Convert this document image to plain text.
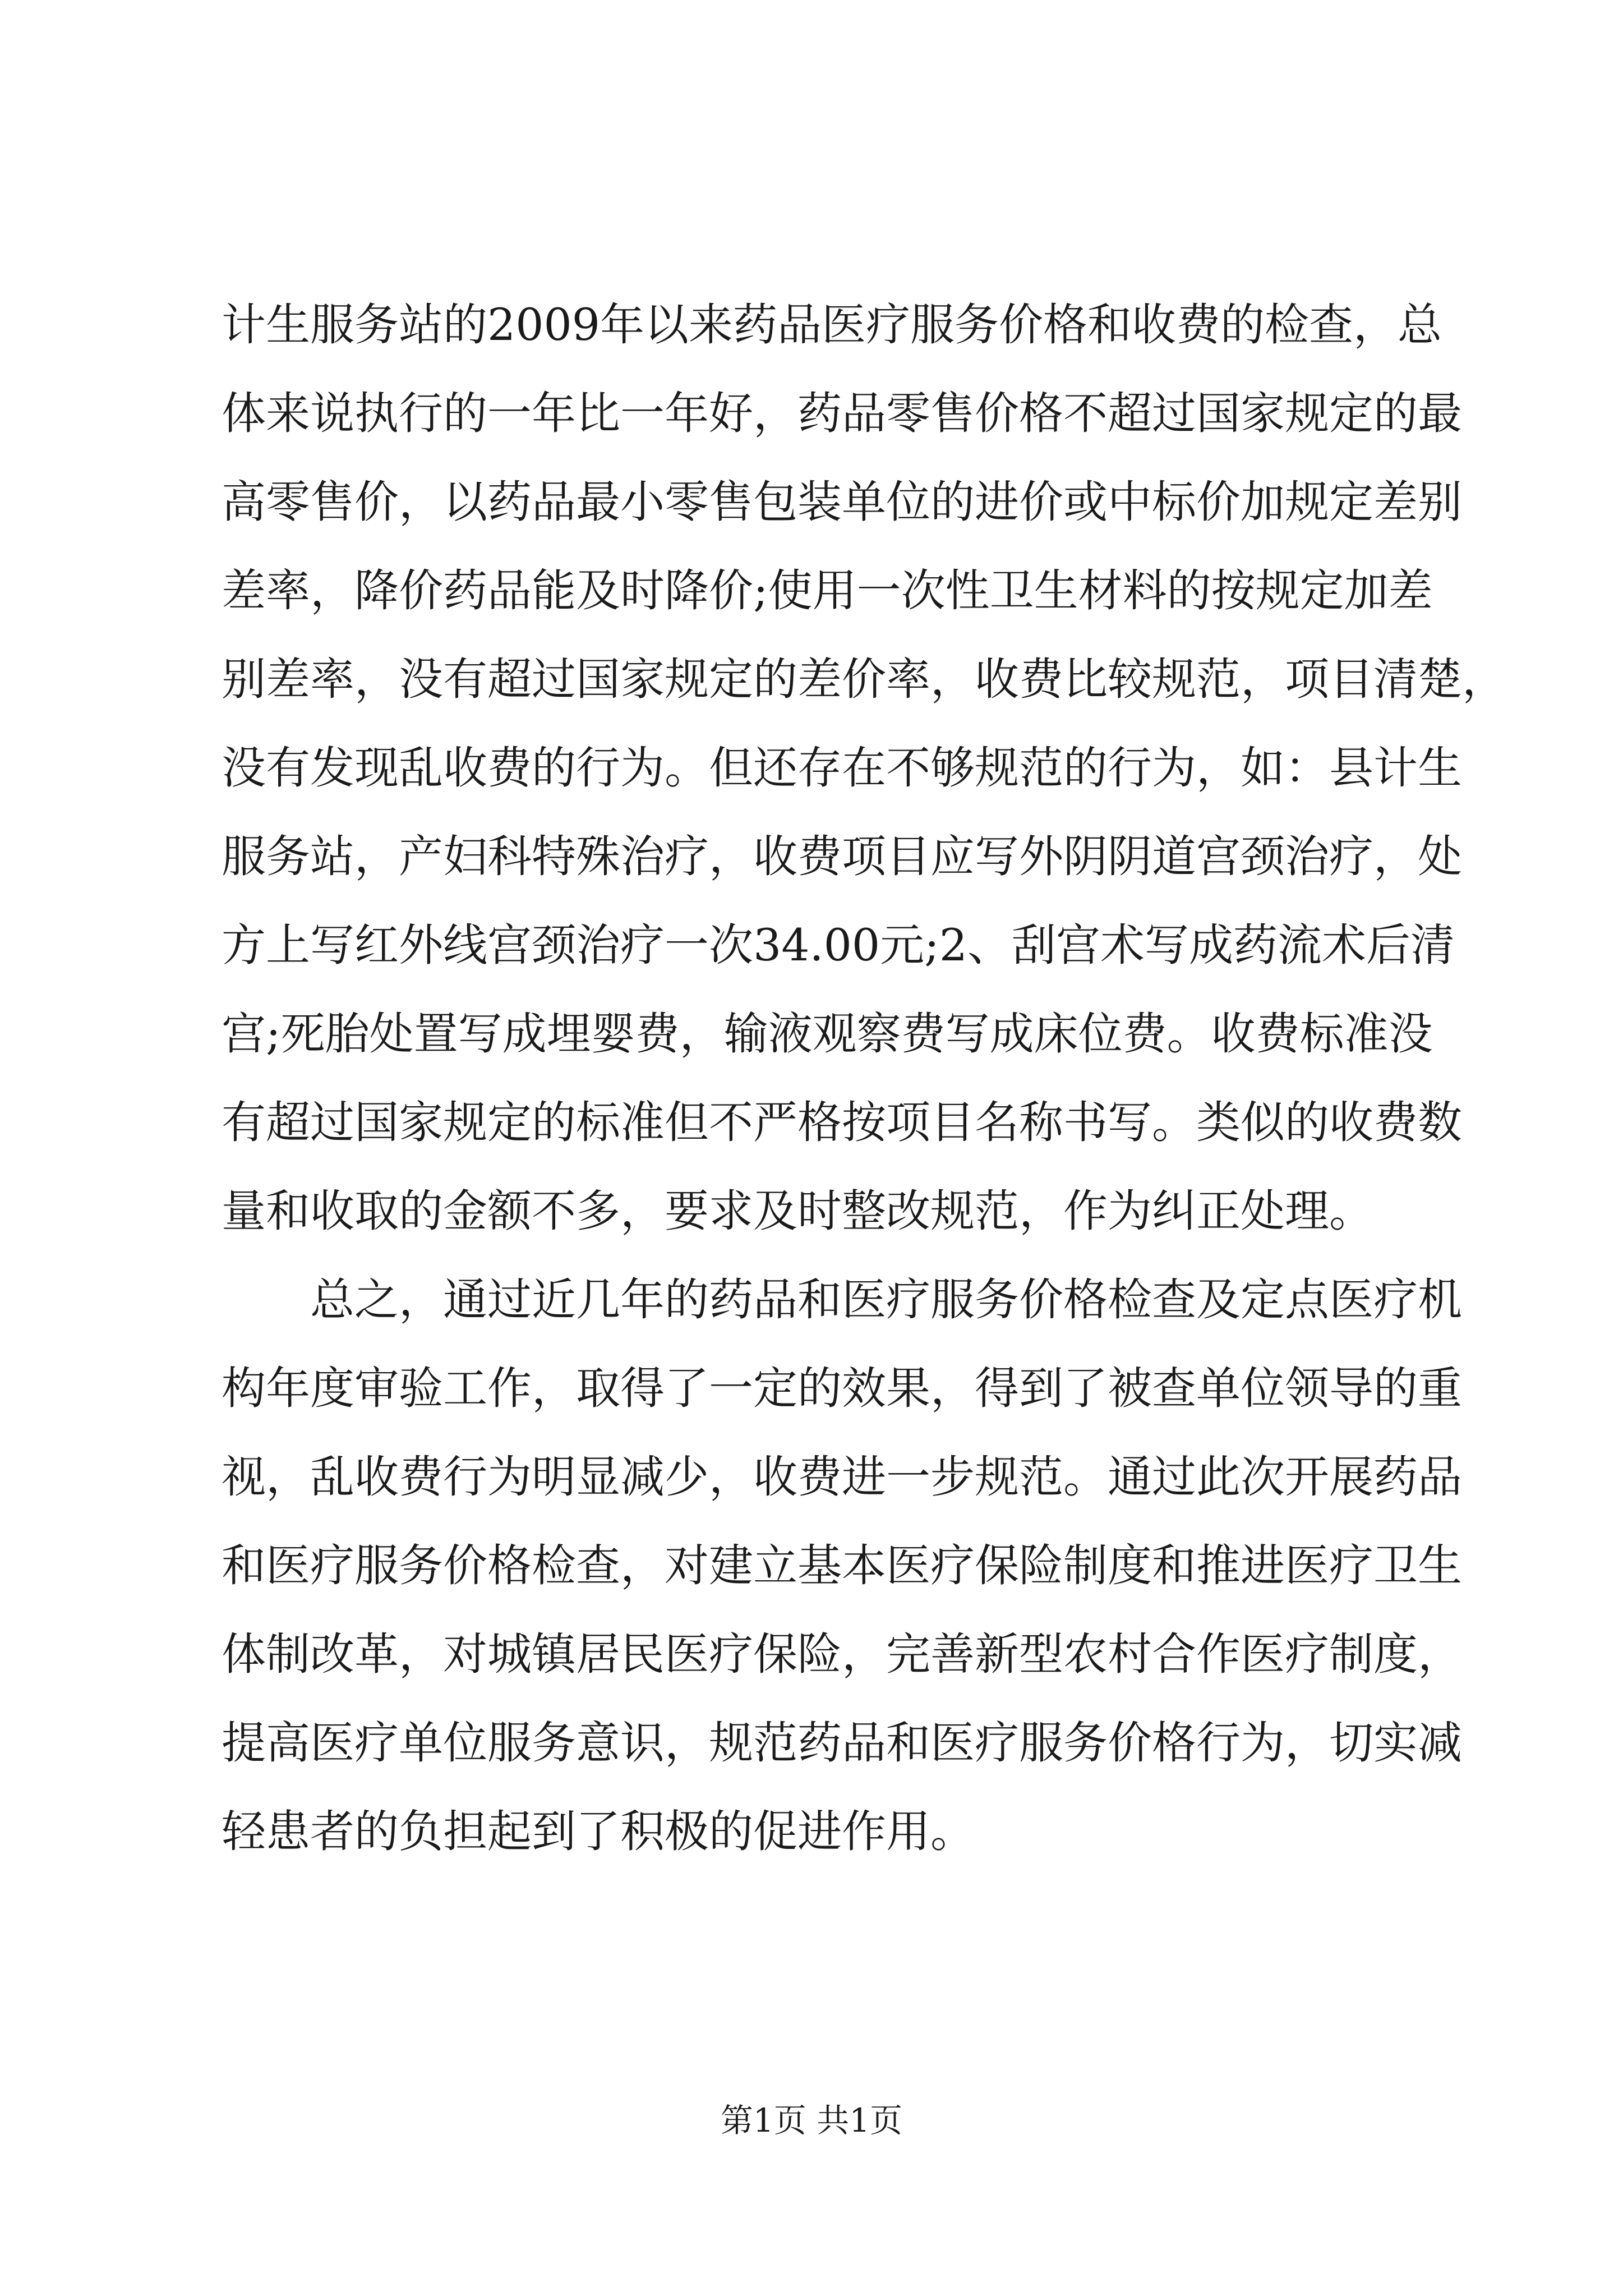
计生服务站的2009年以来药品医疗服务价格和收费的检查，总
体来说执行的一年比一年好，药品零售价格不超过国家规定的最
高零售价，以药品最小零售包装单位的进价或中标价加规定差别
差率，降价药品能及时降价;使用一次性卫生材料的按规定加差
别差率，没有超过国家规定的差价率，收费比较规范，项目清楚，
没有发现乱收费的行为。但还存在不够规范的行为，如：县计生
服务站，产妇科特殊治疗，收费项目应写外阴阴道宫颈治疗，处
方上写红外线宫颈治疗一次34.00元;2、刮宫术写成药流术后清
宫;死胎处置写成埋婴费，输液观察费写成床位费。收费标准没
有超过国家规定的标准但不严格按项目名称书写。类似的收费数
量和收取的金额不多，要求及时整改规范，作为纠正处理。
总之，通过近几年的药品和医疗服务价格检查及定点医疗机
构年度审验工作，取得了一定的效果，得到了被查单位领导的重
视，乱收费行为明显减少，收费进一步规范。通过此次开展药品
和医疗服务价格检查，对建立基本医疗保险制度和推进医疗卫生
体制改革，对城镇居民医疗保险，完善新型农村合作医疗制度，
提高医疗单位服务意识，规范药品和医疗服务价格行为，切实减
轻患者的负担起到了积极的促进作用。
第1页 共1页
